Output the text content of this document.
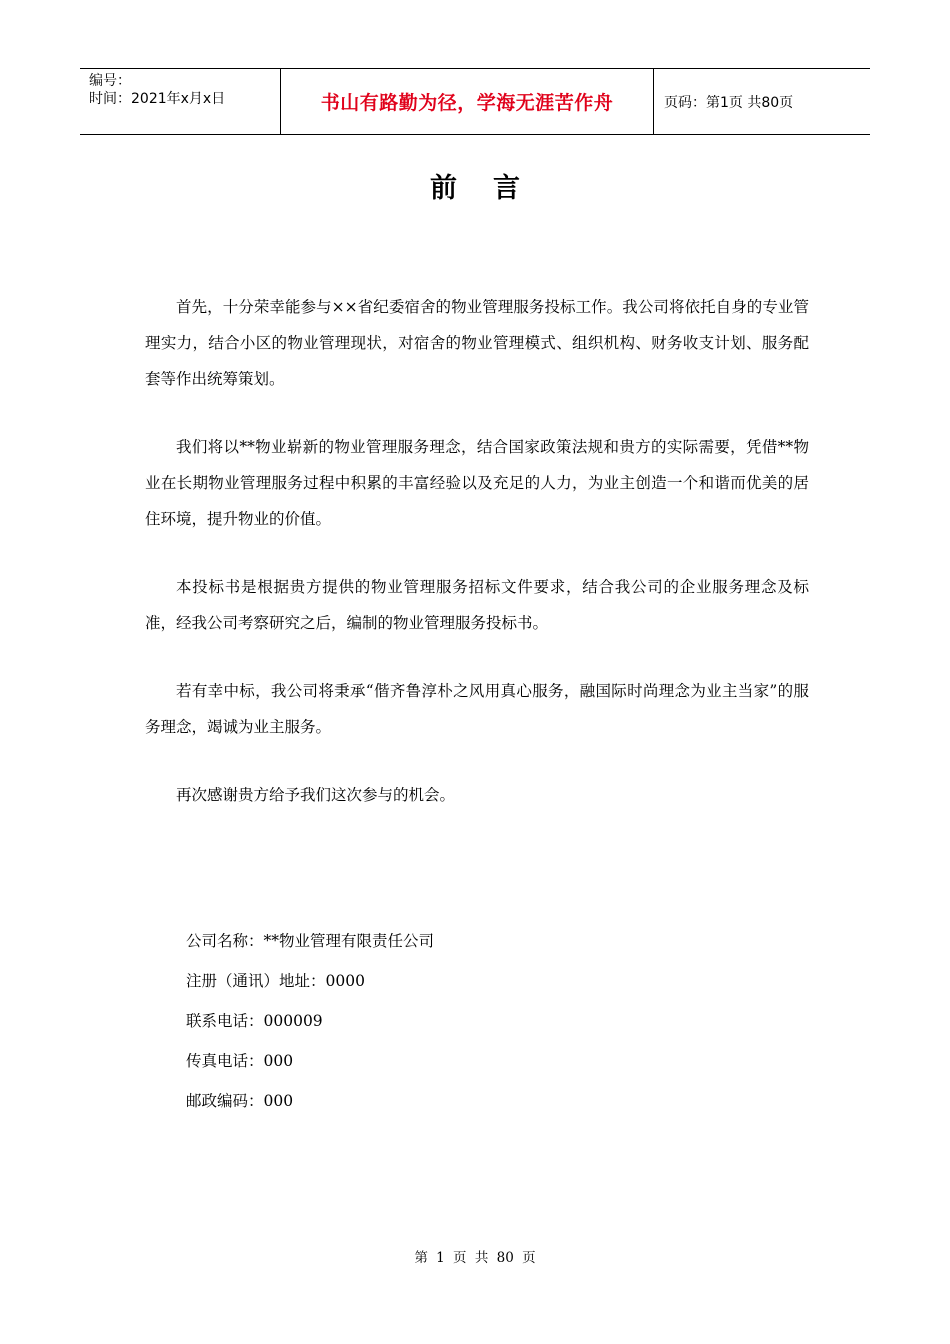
编号：
时间：2021年x月x日	书山有路勤为径，学海无涯苦作舟	页码：第1页 共80页
前言

首先，十分荣幸能参与××省纪委宿舍的物业管理服务投标工作。我公司将依托自身的专业管理实力，结合小区的物业管理现状，对宿舍的物业管理模式、组织机构、财务收支计划、服务配套等作出统筹策划。

我们将以**物业崭新的物业管理服务理念，结合国家政策法规和贵方的实际需要，凭借**物业在长期物业管理服务过程中积累的丰富经验以及充足的人力，为业主创造一个和谐而优美的居住环境，提升物业的价值。

本投标书是根据贵方提供的物业管理服务招标文件要求，结合我公司的企业服务理念及标准，经我公司考察研究之后，编制的物业管理服务投标书。

若有幸中标，我公司将秉承“偕齐鲁淳朴之风用真心服务，融国际时尚理念为业主当家”的服务理念，竭诚为业主服务。

再次感谢贵方给予我们这次参与的机会。

公司名称：**物业管理有限责任公司
注册（通讯）地址：0000
联系电话：000009
传真电话：000
邮政编码：000
第 1 页 共 80 页
